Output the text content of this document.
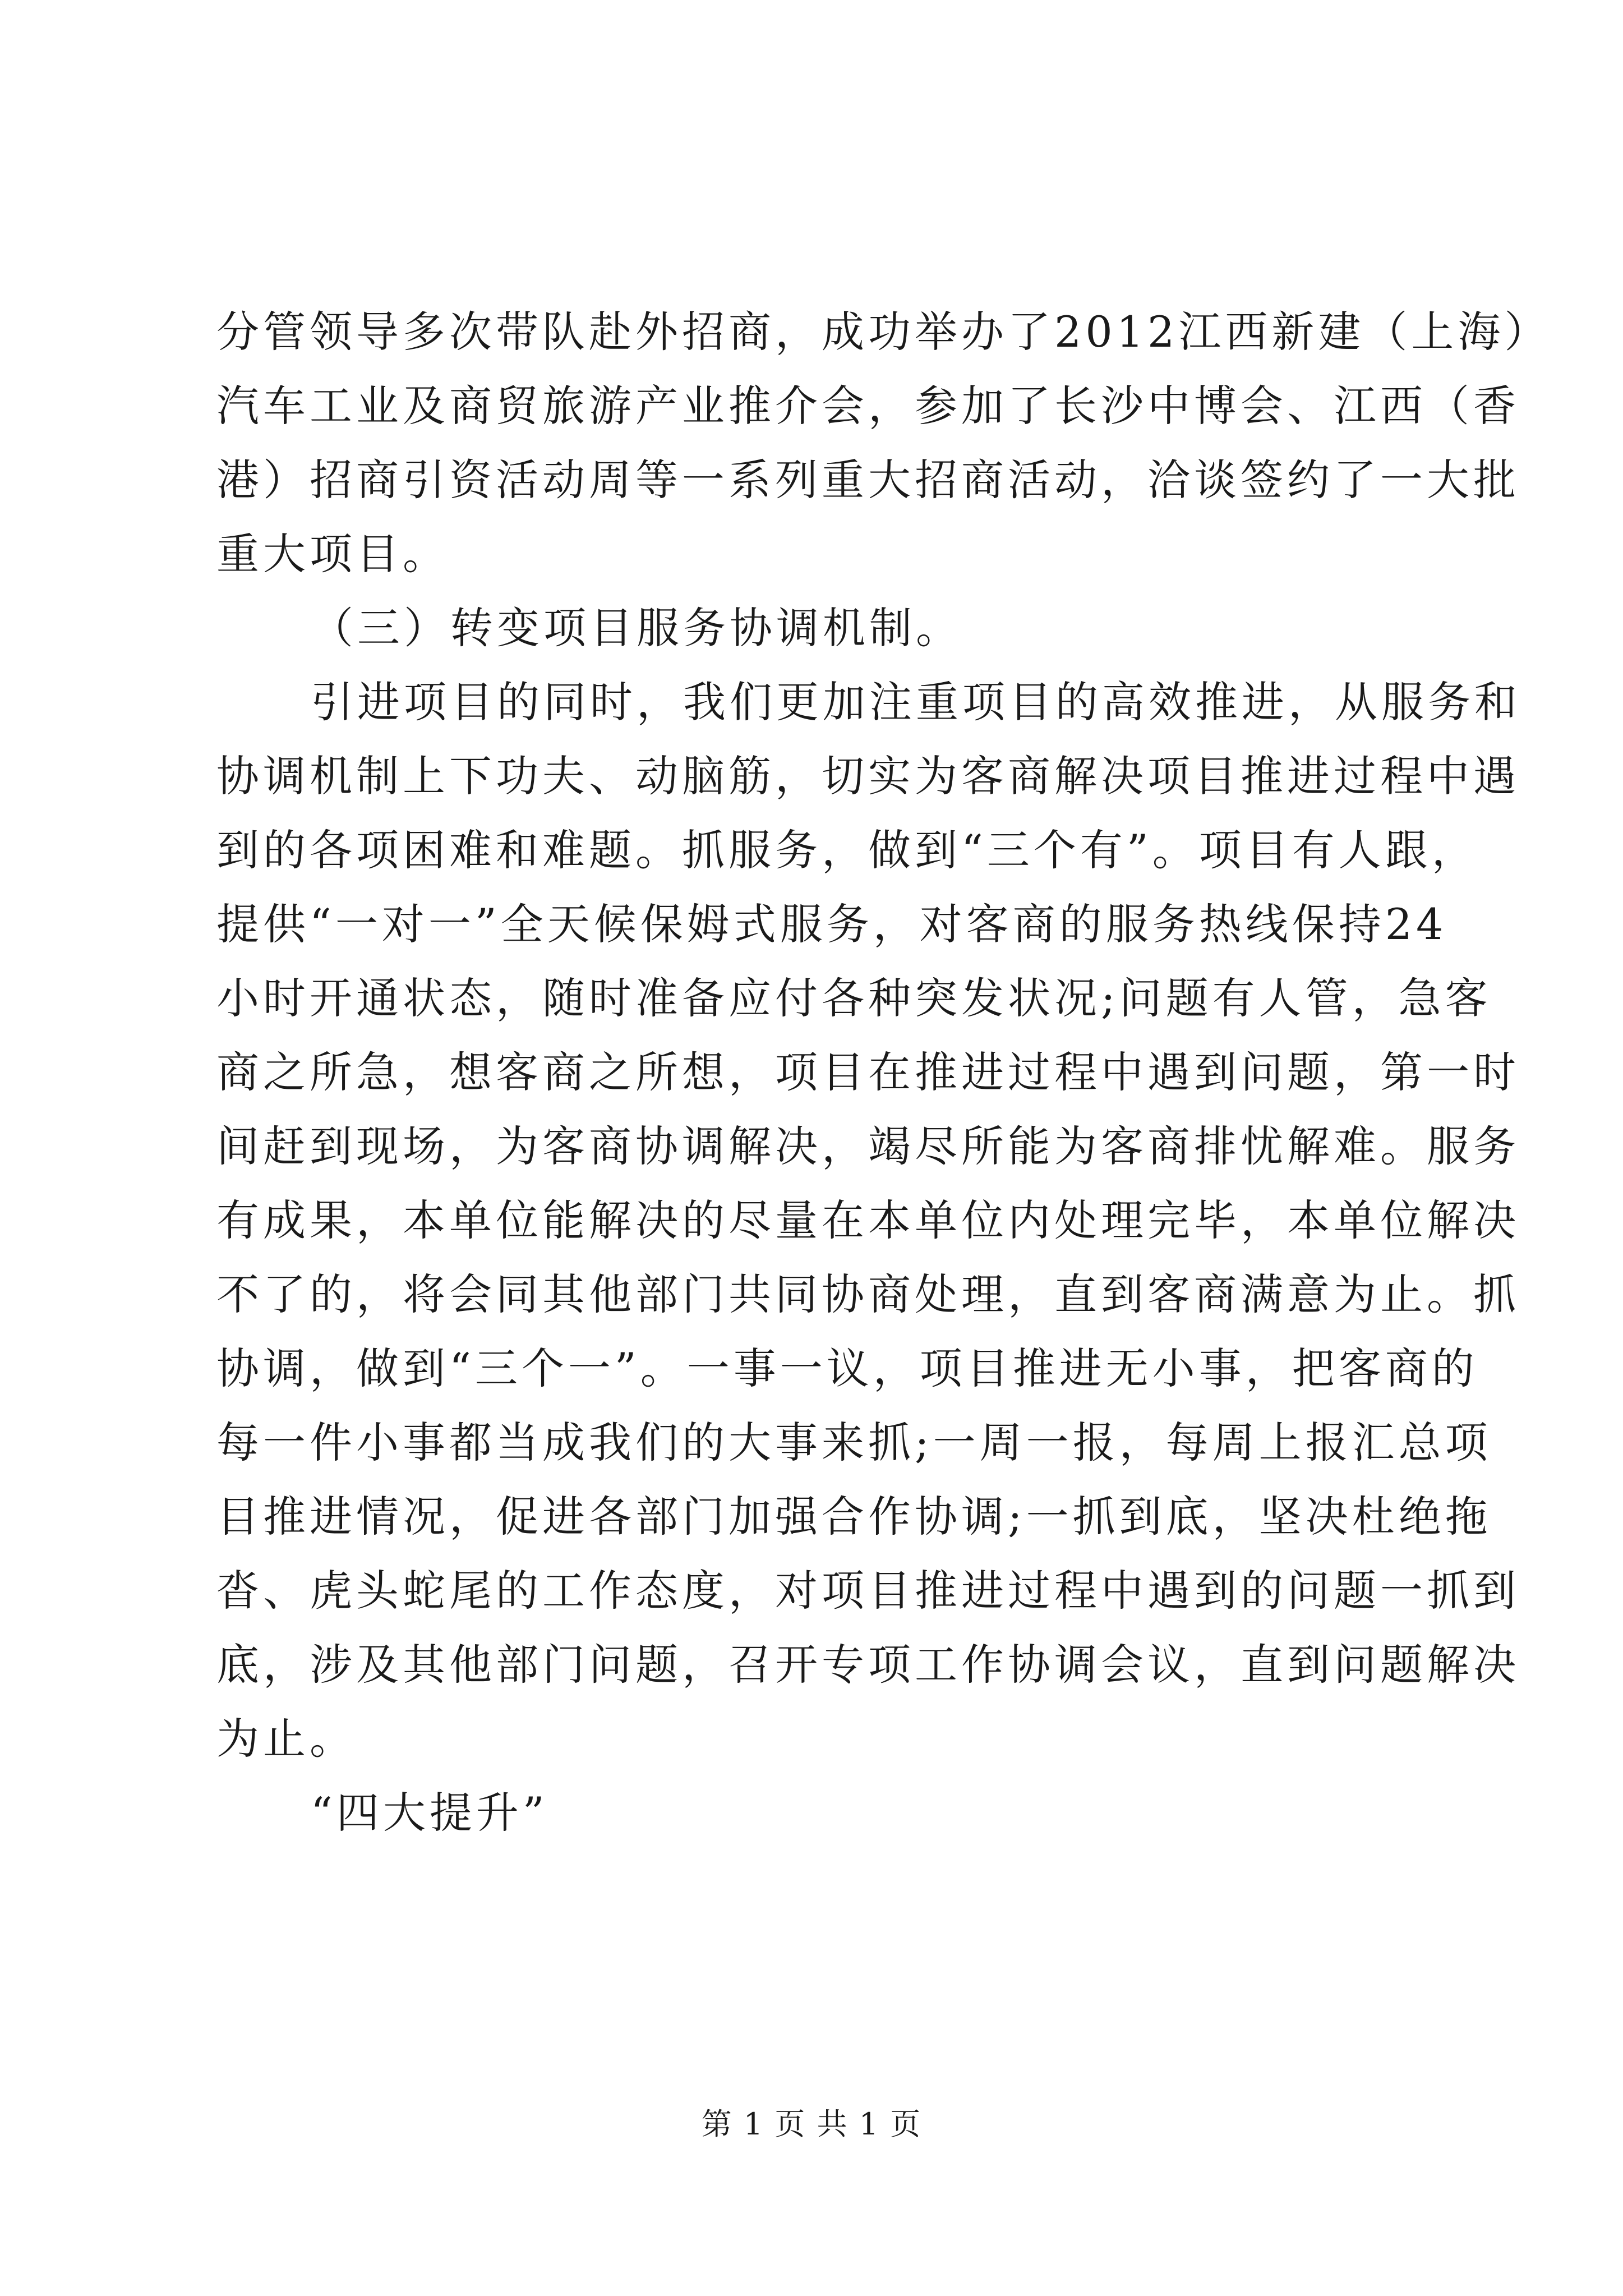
分管领导多次带队赴外招商，成功举办了2012江西新建（上海）
汽车工业及商贸旅游产业推介会，参加了长沙中博会、江西（香
港）招商引资活动周等一系列重大招商活动，洽谈签约了一大批
重大项目。
（三）转变项目服务协调机制。
引进项目的同时，我们更加注重项目的高效推进，从服务和
协调机制上下功夫、动脑筋，切实为客商解决项目推进过程中遇
到的各项困难和难题。抓服务，做到“三个有”。项目有人跟，
提供“一对一”全天候保姆式服务，对客商的服务热线保持24
小时开通状态，随时准备应付各种突发状况;问题有人管，急客
商之所急，想客商之所想，项目在推进过程中遇到问题，第一时
间赶到现场，为客商协调解决，竭尽所能为客商排忧解难。服务
有成果，本单位能解决的尽量在本单位内处理完毕，本单位解决
不了的，将会同其他部门共同协商处理，直到客商满意为止。抓
协调，做到“三个一”。一事一议，项目推进无小事，把客商的
每一件小事都当成我们的大事来抓;一周一报，每周上报汇总项
目推进情况，促进各部门加强合作协调;一抓到底，坚决杜绝拖
沓、虎头蛇尾的工作态度，对项目推进过程中遇到的问题一抓到
底，涉及其他部门问题，召开专项工作协调会议，直到问题解决
为止。
“四大提升”
第 1 页 共 1 页
